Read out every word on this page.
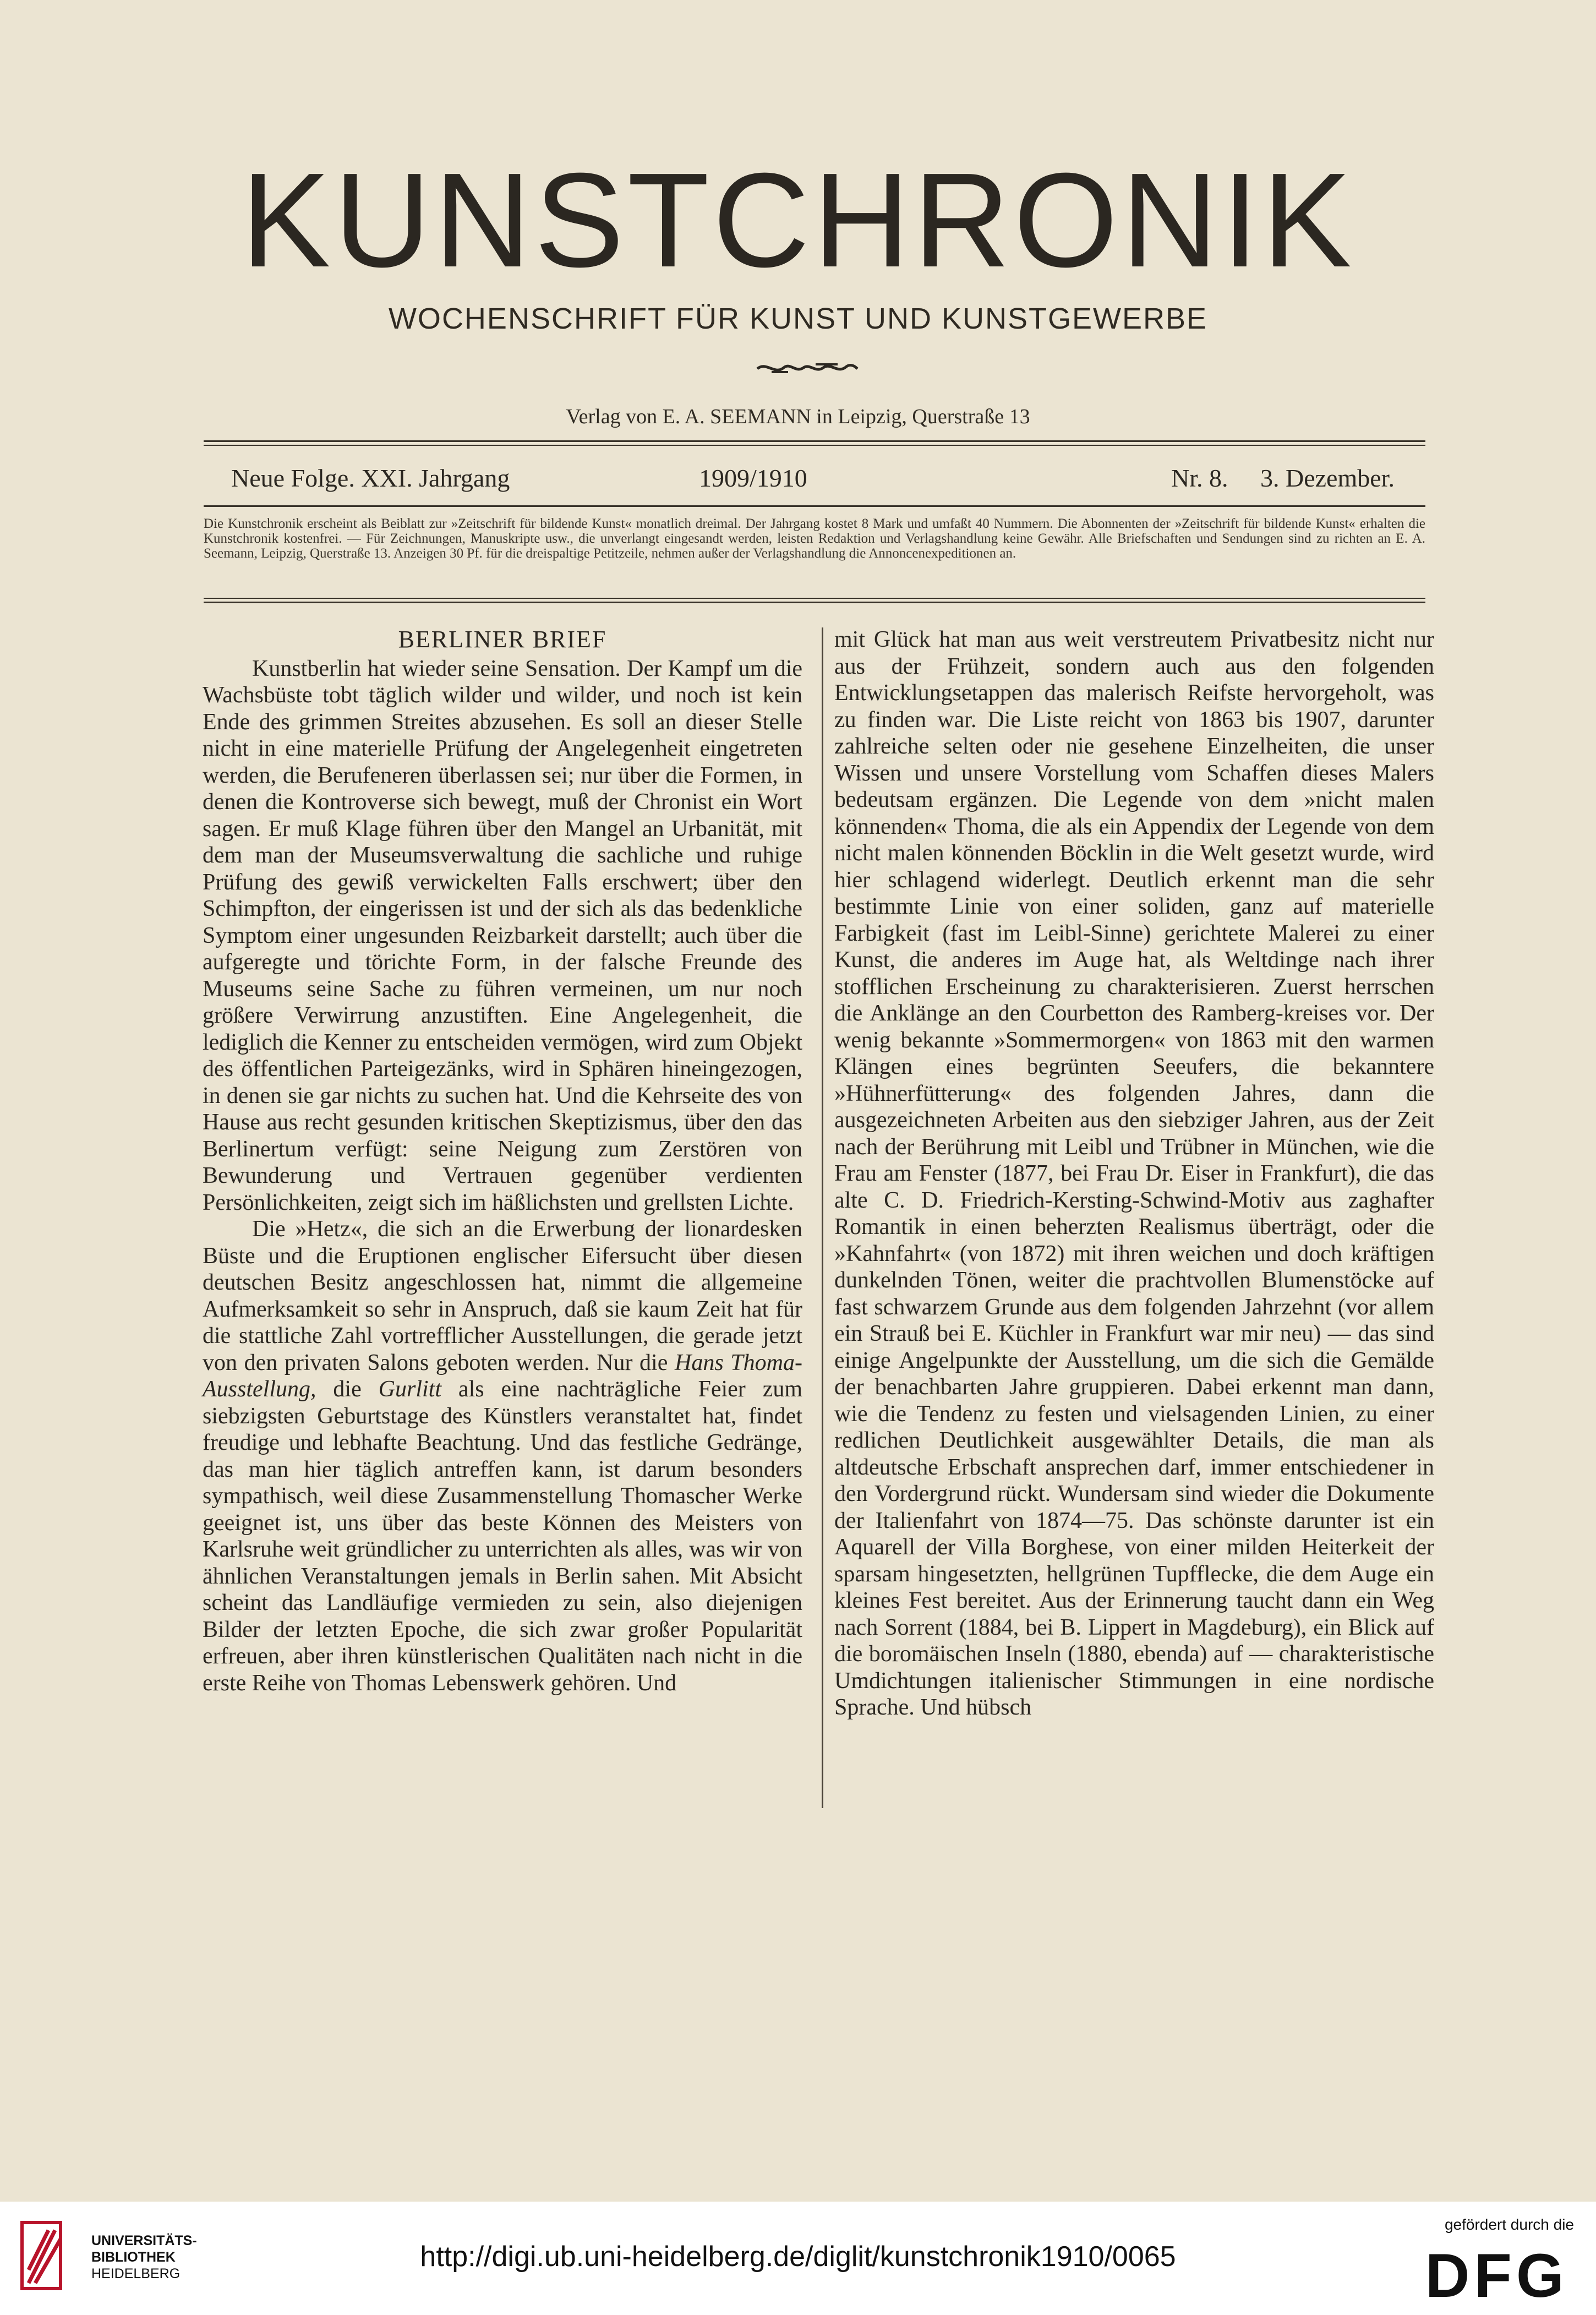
KUNSTCHRONIK
WOCHENSCHRIFT FÜR KUNST UND KUNSTGEWERBE
Verlag von E. A. SEEMANN in Leipzig, Querstraße 13
Neue Folge. XXI. Jahrgang	1909/1910	Nr. 8. 3. Dezember.

Die Kunstchronik erscheint als Beiblatt zur »Zeitschrift für bildende Kunst« monatlich dreimal. Der Jahrgang kostet 8 Mark und umfaßt 40 Nummern. Die Abonnenten der »Zeitschrift für bildende Kunst« erhalten die Kunstchronik kostenfrei. — Für Zeichnungen, Manuskripte usw., die unverlangt eingesandt werden, leisten Redaktion und Verlagshandlung keine Gewähr. Alle Briefschaften und Sendungen sind zu richten an E. A. Seemann, Leipzig, Querstraße 13. Anzeigen 30 Pf. für die dreispaltige Petitzeile, nehmen außer der Verlagshandlung die Annoncenexpeditionen an.

BERLINER BRIEF

Kunstberlin hat wieder seine Sensation. Der Kampf um die Wachsbüste tobt täglich wilder und wilder, und noch ist kein Ende des grimmen Streites abzusehen. Es soll an dieser Stelle nicht in eine materielle Prüfung der Angelegenheit eingetreten werden, die Berufeneren überlassen sei; nur über die Formen, in denen die Kontroverse sich bewegt, muß der Chronist ein Wort sagen. Er muß Klage führen über den Mangel an Urbanität, mit dem man der Museumsverwaltung die sachliche und ruhige Prüfung des gewiß verwickelten Falls erschwert; über den Schimpfton, der eingerissen ist und der sich als das bedenkliche Symptom einer ungesunden Reizbarkeit darstellt; auch über die aufgeregte und törichte Form, in der falsche Freunde des Museums seine Sache zu führen vermeinen, um nur noch größere Verwirrung anzustiften. Eine Angelegenheit, die lediglich die Kenner zu entscheiden vermögen, wird zum Objekt des öffentlichen Parteigezänks, wird in Sphären hineingezogen, in denen sie gar nichts zu suchen hat. Und die Kehrseite des von Hause aus recht gesunden kritischen Skeptizismus, über den das Berlinertum verfügt: seine Neigung zum Zerstören von Bewunderung und Vertrauen gegenüber verdienten Persönlichkeiten, zeigt sich im häßlichsten und grellsten Lichte.

Die »Hetz«, die sich an die Erwerbung der lionardesken Büste und die Eruptionen englischer Eifersucht über diesen deutschen Besitz angeschlossen hat, nimmt die allgemeine Aufmerksamkeit so sehr in Anspruch, daß sie kaum Zeit hat für die stattliche Zahl vortrefflicher Ausstellungen, die gerade jetzt von den privaten Salons geboten werden. Nur die Hans Thoma-Ausstellung, die Gurlitt als eine nachträgliche Feier zum siebzigsten Geburtstage des Künstlers veranstaltet hat, findet freudige und lebhafte Beachtung. Und das festliche Gedränge, das man hier täglich antreffen kann, ist darum besonders sympathisch, weil diese Zusammenstellung Thomascher Werke geeignet ist, uns über das beste Können des Meisters von Karlsruhe weit gründlicher zu unterrichten als alles, was wir von ähnlichen Veranstaltungen jemals in Berlin sahen. Mit Absicht scheint das Landläufige vermieden zu sein, also diejenigen Bilder der letzten Epoche, die sich zwar großer Popularität erfreuen, aber ihren künstlerischen Qualitäten nach nicht in die erste Reihe von Thomas Lebenswerk gehören. Und

mit Glück hat man aus weit verstreutem Privatbesitz nicht nur aus der Frühzeit, sondern auch aus den folgenden Entwicklungsetappen das malerisch Reifste hervorgeholt, was zu finden war. Die Liste reicht von 1863 bis 1907, darunter zahlreiche selten oder nie gesehene Einzelheiten, die unser Wissen und unsere Vorstellung vom Schaffen dieses Malers bedeutsam ergänzen. Die Legende von dem »nicht malen könnenden« Thoma, die als ein Appendix der Legende von dem nicht malen könnenden Böcklin in die Welt gesetzt wurde, wird hier schlagend widerlegt. Deutlich erkennt man die sehr bestimmte Linie von einer soliden, ganz auf materielle Farbigkeit (fast im Leibl-Sinne) gerichtete Malerei zu einer Kunst, die anderes im Auge hat, als Weltdinge nach ihrer stofflichen Erscheinung zu charakterisieren. Zuerst herrschen die Anklänge an den Courbetton des Ramberg-kreises vor. Der wenig bekannte »Sommermorgen« von 1863 mit den warmen Klängen eines begrünten Seeufers, die bekanntere »Hühnerfütterung« des folgenden Jahres, dann die ausgezeichneten Arbeiten aus den siebziger Jahren, aus der Zeit nach der Berührung mit Leibl und Trübner in München, wie die Frau am Fenster (1877, bei Frau Dr. Eiser in Frankfurt), die das alte C. D. Friedrich-Kersting-Schwind-Motiv aus zaghafter Romantik in einen beherzten Realismus überträgt, oder die »Kahnfahrt« (von 1872) mit ihren weichen und doch kräftigen dunkelnden Tönen, weiter die prachtvollen Blumenstöcke auf fast schwarzem Grunde aus dem folgenden Jahrzehnt (vor allem ein Strauß bei E. Küchler in Frankfurt war mir neu) — das sind einige Angelpunkte der Ausstellung, um die sich die Gemälde der benachbarten Jahre gruppieren. Dabei erkennt man dann, wie die Tendenz zu festen und vielsagenden Linien, zu einer redlichen Deutlichkeit ausgewählter Details, die man als altdeutsche Erbschaft ansprechen darf, immer entschiedener in den Vordergrund rückt. Wundersam sind wieder die Dokumente der Italienfahrt von 1874—75. Das schönste darunter ist ein Aquarell der Villa Borghese, von einer milden Heiterkeit der sparsam hingesetzten, hellgrünen Tupfflecke, die dem Auge ein kleines Fest bereitet. Aus der Erinnerung taucht dann ein Weg nach Sorrent (1884, bei B. Lippert in Magdeburg), ein Blick auf die boromäischen Inseln (1880, ebenda) auf — charakteristische Umdichtungen italienischer Stimmungen in eine nordische Sprache. Und hübsch

UNIVERSITÄTS-
BIBLIOTHEK
HEIDELBERG
http://digi.ub.uni-heidelberg.de/diglit/kunstchronik1910/0065
gefördert durch die
DFG
